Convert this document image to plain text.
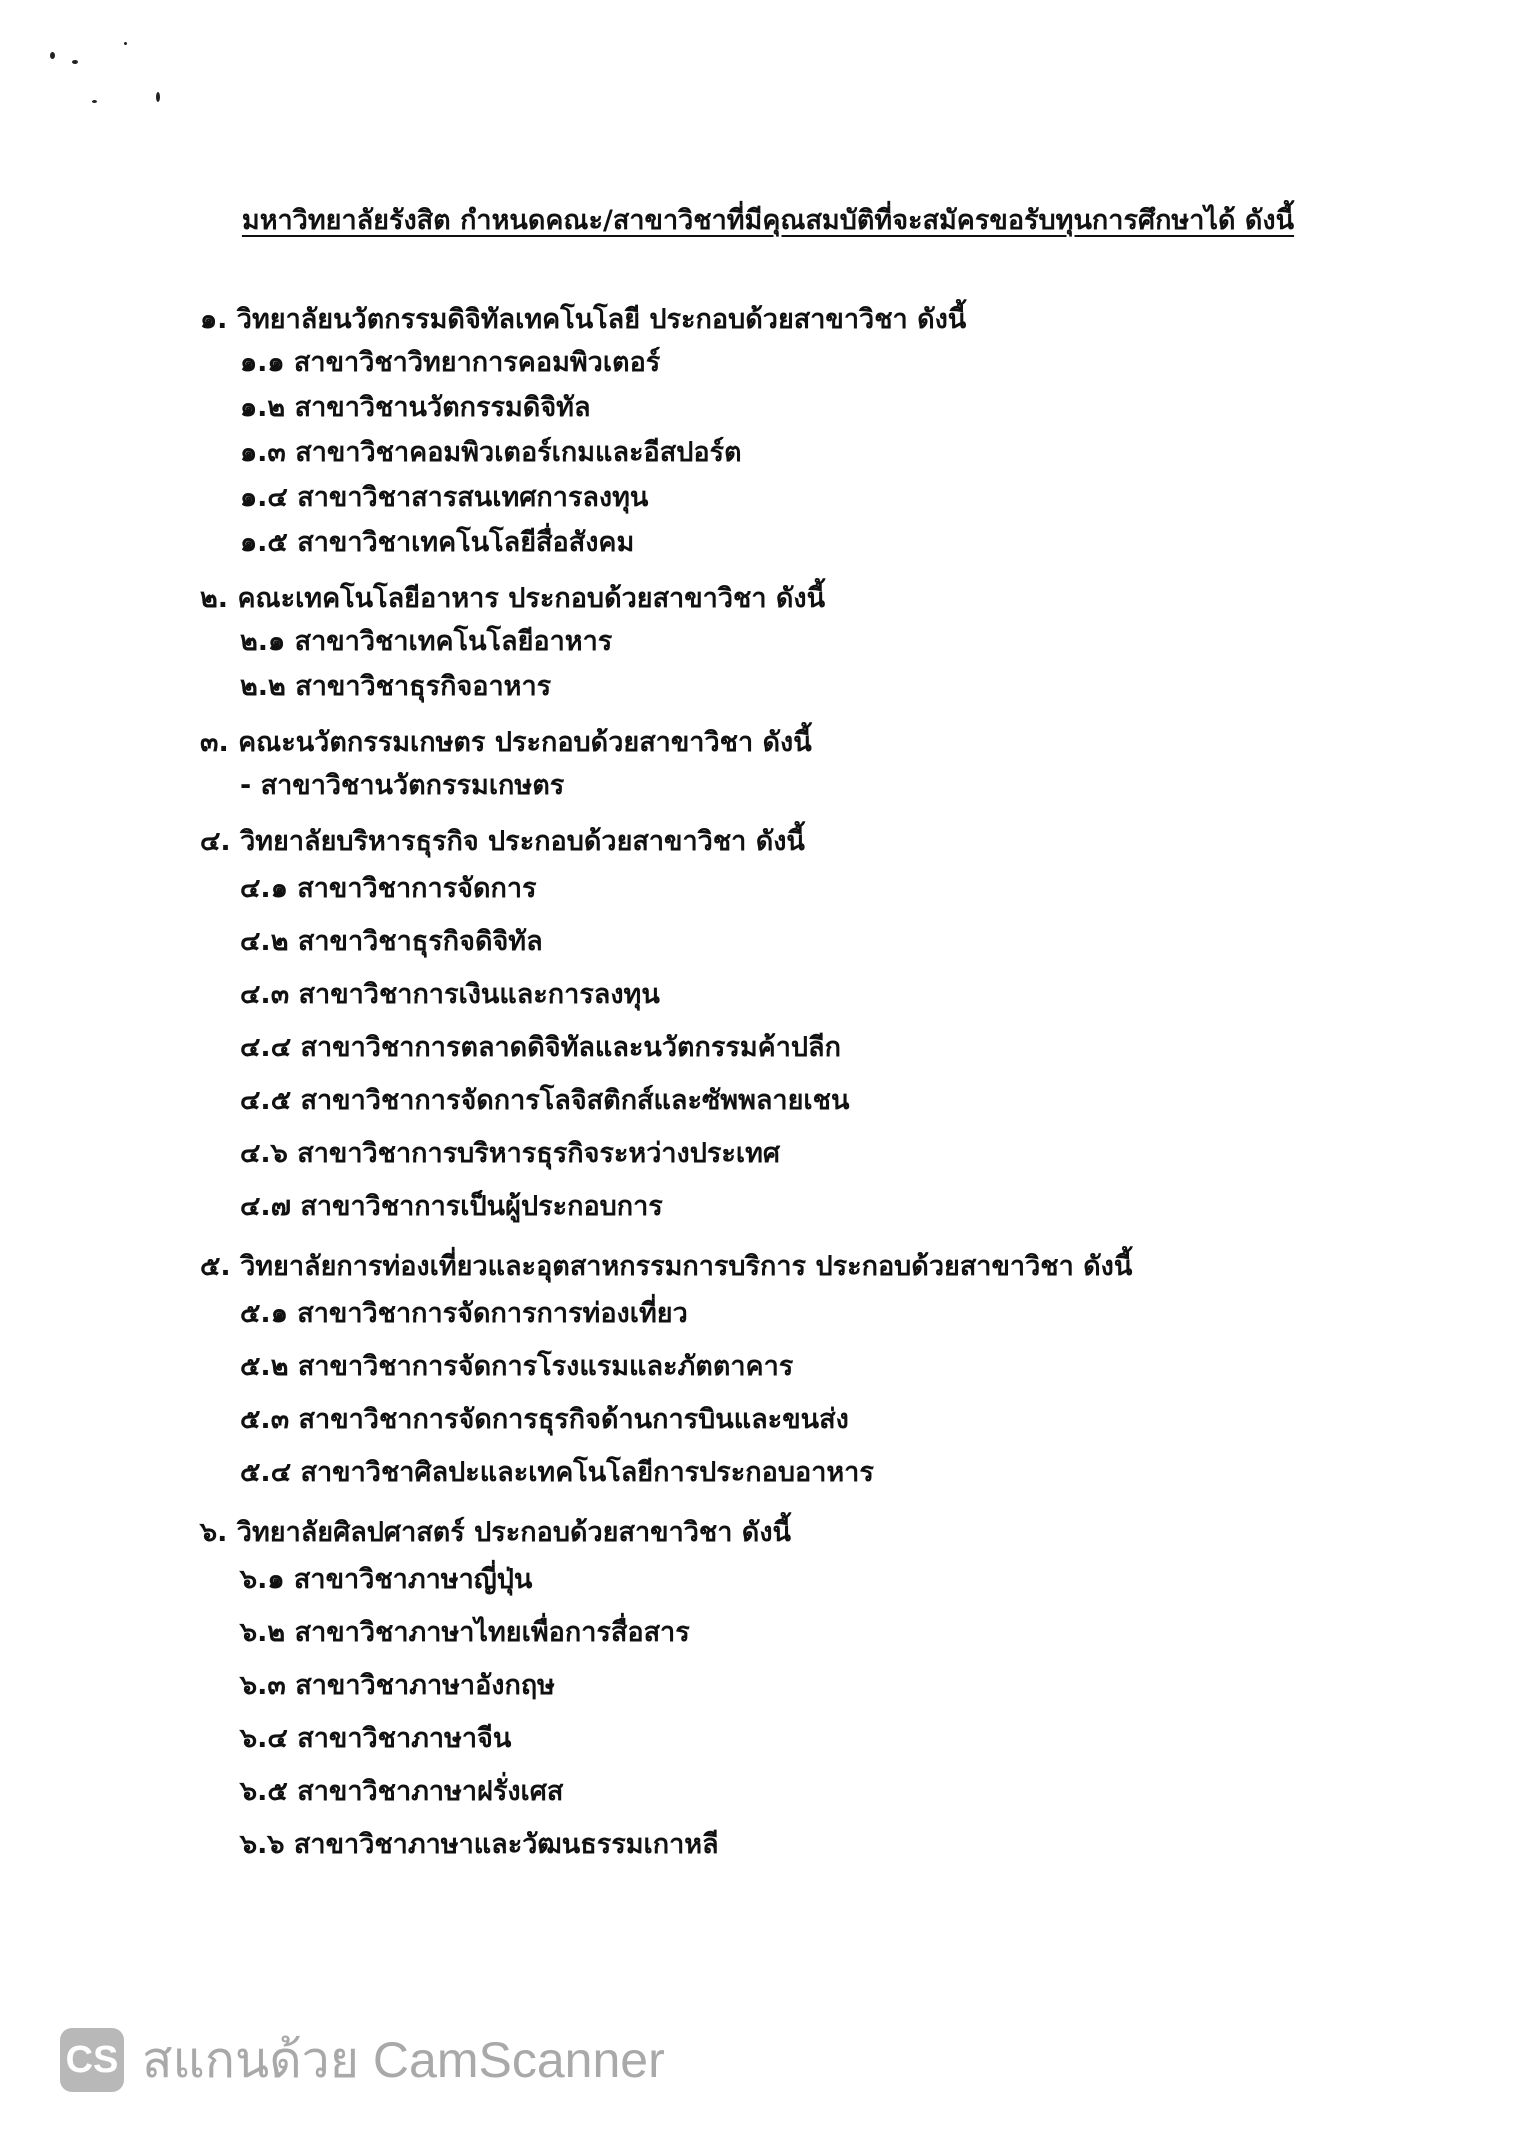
มหาวิทยาลัยรังสิต กำหนดคณะ/สาขาวิชาที่มีคุณสมบัติที่จะสมัครขอรับทุนการศึกษาได้ ดังนี้
๑. วิทยาลัยนวัตกรรมดิจิทัลเทคโนโลยี ประกอบด้วยสาขาวิชา ดังนี้
๑.๑ สาขาวิชาวิทยาการคอมพิวเตอร์
๑.๒ สาขาวิชานวัตกรรมดิจิทัล
๑.๓ สาขาวิชาคอมพิวเตอร์เกมและอีสปอร์ต
๑.๔ สาขาวิชาสารสนเทศการลงทุน
๑.๕ สาขาวิชาเทคโนโลยีสื่อสังคม
๒. คณะเทคโนโลยีอาหาร ประกอบด้วยสาขาวิชา ดังนี้
๒.๑ สาขาวิชาเทคโนโลยีอาหาร
๒.๒ สาขาวิชาธุรกิจอาหาร
๓. คณะนวัตกรรมเกษตร ประกอบด้วยสาขาวิชา ดังนี้
- สาขาวิชานวัตกรรมเกษตร
๔. วิทยาลัยบริหารธุรกิจ ประกอบด้วยสาขาวิชา ดังนี้
๔.๑ สาขาวิชาการจัดการ
๔.๒ สาขาวิชาธุรกิจดิจิทัล
๔.๓ สาขาวิชาการเงินและการลงทุน
๔.๔ สาขาวิชาการตลาดดิจิทัลและนวัตกรรมค้าปลีก
๔.๕ สาขาวิชาการจัดการโลจิสติกส์และซัพพลายเชน
๔.๖ สาขาวิชาการบริหารธุรกิจระหว่างประเทศ
๔.๗ สาขาวิชาการเป็นผู้ประกอบการ
๕. วิทยาลัยการท่องเที่ยวและอุตสาหกรรมการบริการ ประกอบด้วยสาขาวิชา ดังนี้
๕.๑ สาขาวิชาการจัดการการท่องเที่ยว
๕.๒ สาขาวิชาการจัดการโรงแรมและภัตตาคาร
๕.๓ สาขาวิชาการจัดการธุรกิจด้านการบินและขนส่ง
๕.๔ สาขาวิชาศิลปะและเทคโนโลยีการประกอบอาหาร
๖. วิทยาลัยศิลปศาสตร์ ประกอบด้วยสาขาวิชา ดังนี้
๖.๑ สาขาวิชาภาษาญี่ปุ่น
๖.๒ สาขาวิชาภาษาไทยเพื่อการสื่อสาร
๖.๓ สาขาวิชาภาษาอังกฤษ
๖.๔ สาขาวิชาภาษาจีน
๖.๕ สาขาวิชาภาษาฝรั่งเศส
๖.๖ สาขาวิชาภาษาและวัฒนธรรมเกาหลี
CS สแกนด้วย CamScanner
